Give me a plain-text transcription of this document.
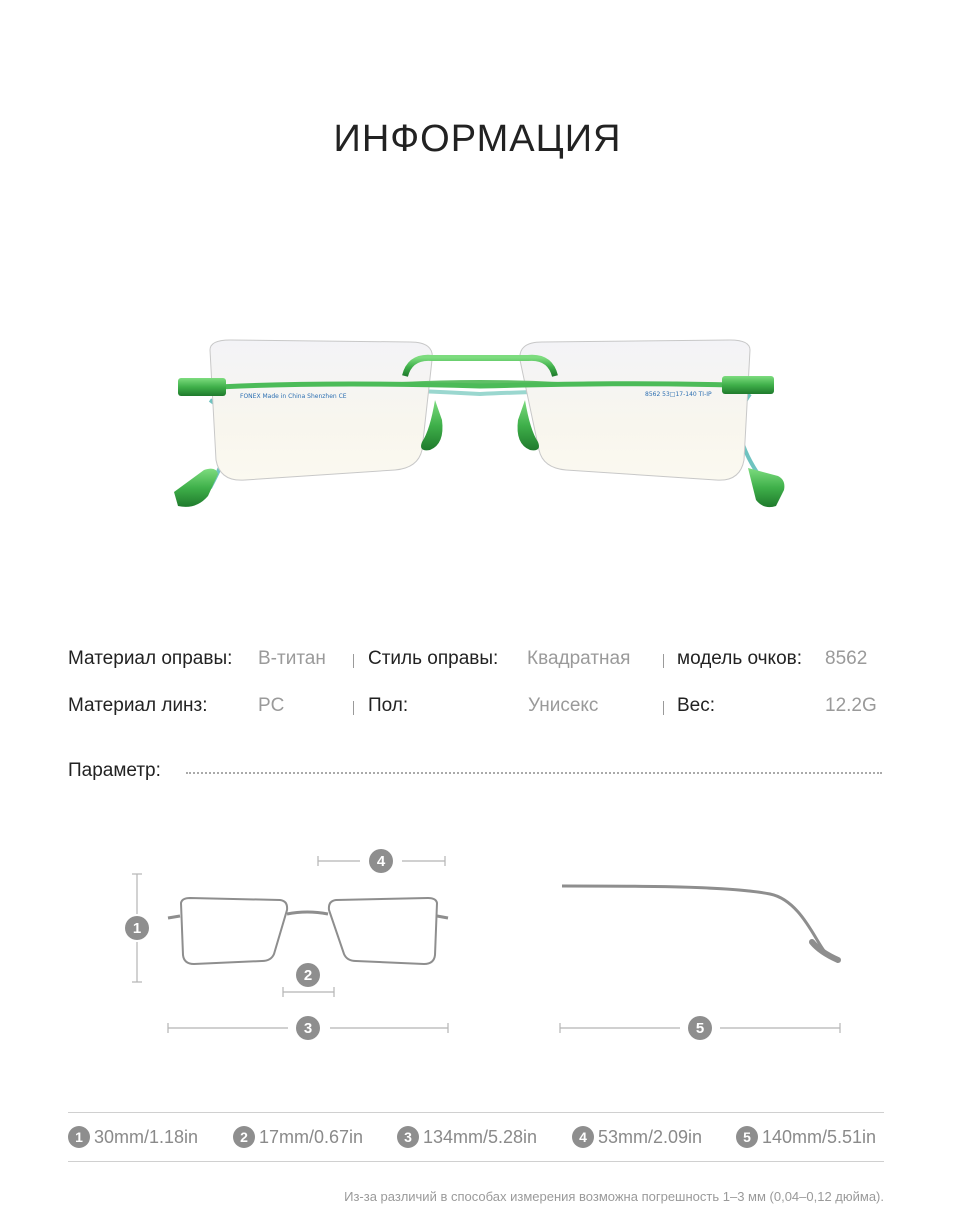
ИНФОРМАЦИЯ
FONEX Made in China Shenzhen CE	8562 53□17-140 TI-IP
Материал оправы: B-титан Стиль оправы: Квадратная модель очков: 8562
Материал линз:	PC	Пол:	Унисекс	Вес:	12.2G
Параметр:
4
1
2
3	5
1 30mm/1.18in	2 17mm/0.67in	3 134mm/5.28in	4 53mm/2.09in	5 140mm/5.51in
Из-за различий в способах измерения возможна погрешность 1–3 мм (0,04–0,12 дюйма).
